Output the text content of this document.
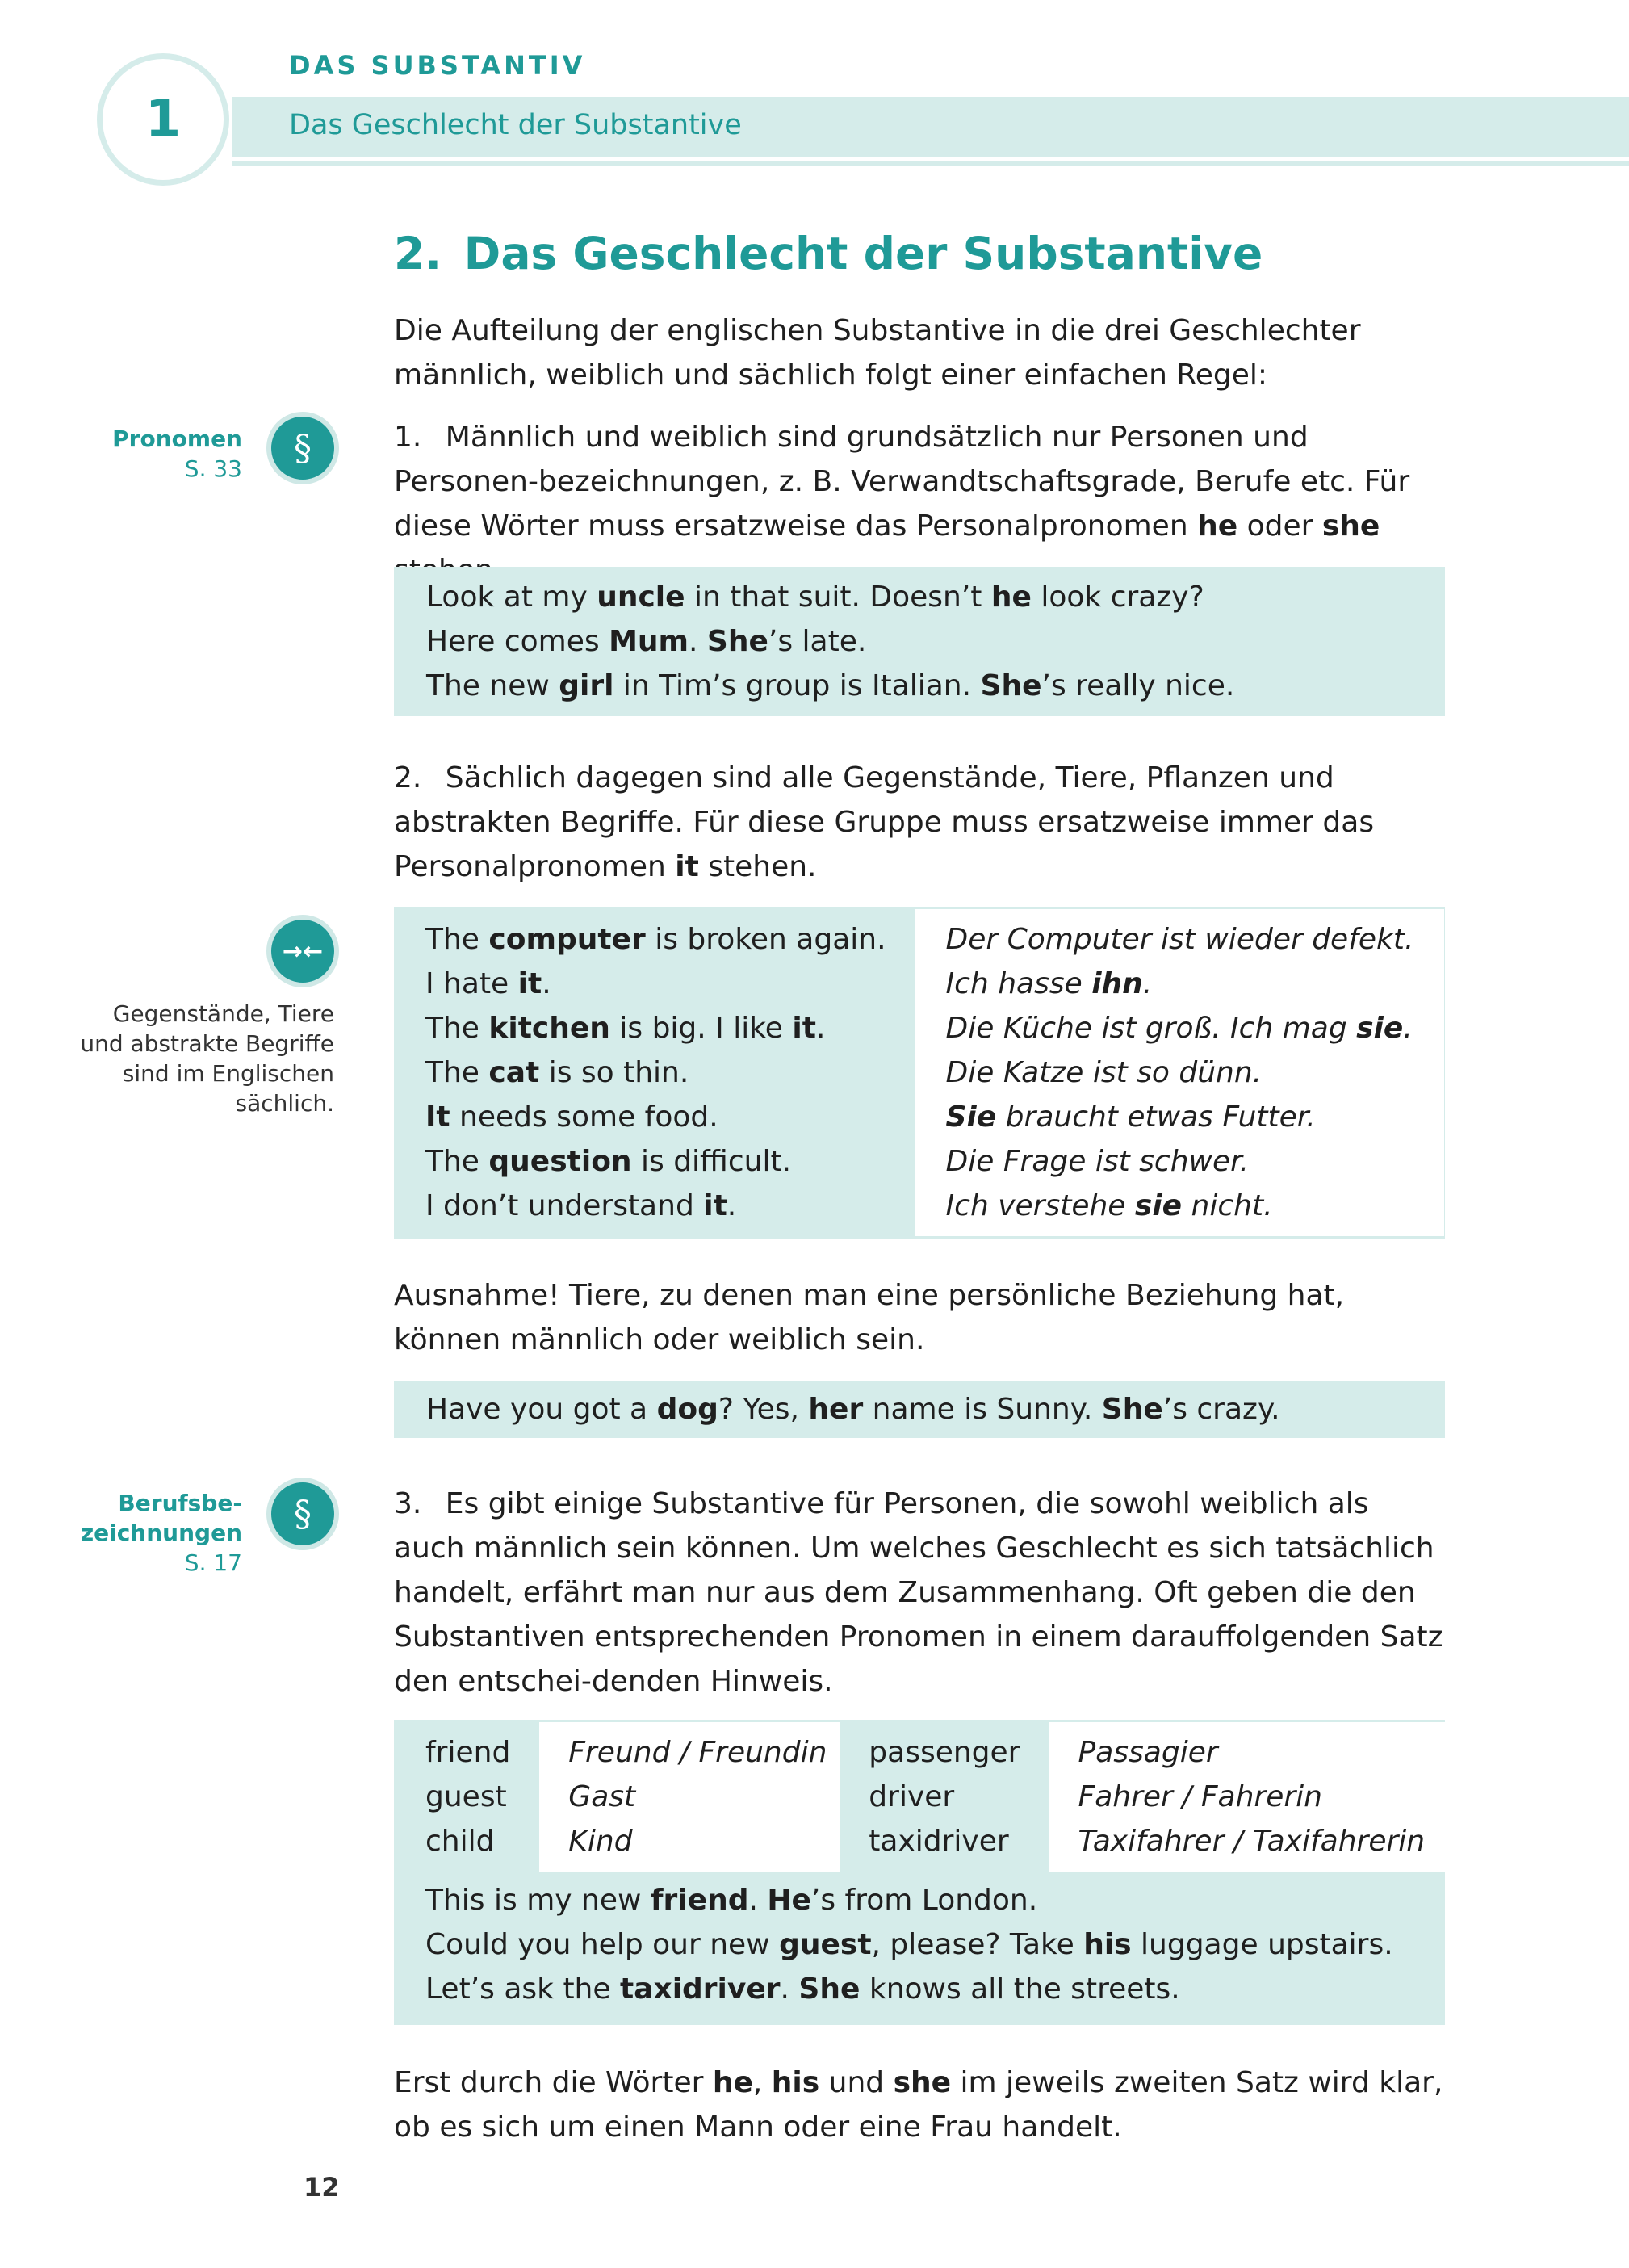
1
DAS SUBSTANTIV
Das Geschlecht der Substantive
2. Das Geschlecht der Substantive

Die Aufteilung der englischen Substantive in die drei Geschlechter männlich, weiblich und sächlich folgt einer einfachen Regel:

Pronomen
S. 33 §	1.  Männlich und weiblich sind grundsätzlich nur Personen und Personen-bezeichnungen, z. B. Verwandtschaftsgrade, Berufe etc. Für diese Wörter muss ersatzweise das Personalpronomen he oder she

Look at my uncle in that suit. Doesn’t he look crazy?
Here comes Mum. She’s late.
The new girl in Tim’s group is Italian. She’s really nice.

2.  Sächlich dagegen sind alle Gegenstände, Tiere, Pflanzen und abstrakten Begriffe. Für diese Gruppe muss ersatzweise immer das Personalpronomen it stehen.

→←
Gegenstände, Tiere und abstrakte Begriffe sind im Englischen sächlich.
The computer is broken again.
I hate it.
The kitchen is big. I like it.
The cat is so thin.
It needs some food.
The question is difficult.
I don’t understand it.
Der Computer ist wieder defekt.
Ich hasse ihn.
Die Küche ist groß. Ich mag sie.
Die Katze ist so dünn.
Sie braucht etwas Futter.
Die Frage ist schwer.
Ich verstehe sie nicht.

Ausnahme! Tiere, zu denen man eine persönliche Beziehung hat, können männlich oder weiblich sein.

Have you got a dog? Yes, her name is Sunny. She’s crazy.
Berufsbe-
zeichnungen
S. 17
§	3.  Es gibt einige Substantive für Personen, die sowohl weiblich als auch männlich sein können. Um welches Geschlecht es sich tatsächlich handelt, erfährt man nur aus dem Zusammenhang. Oft geben die den Substantiven entsprechenden Pronomen in einem darauffolgenden Satz den entschei-denden Hinweis.

friend
guest
child
Freund / Freundin
Gast
Kind
passenger
driver
taxidriver
Passagier
Fahrer / Fahrerin
Taxifahrer / Taxifahrerin
This is my new friend. He’s from London.
Could you help our new guest, please? Take his luggage upstairs.
Let’s ask the taxidriver. She knows all the streets.

Erst durch die Wörter he, his und she im jeweils zweiten Satz wird klar, ob es sich um einen Mann oder eine Frau handelt.

12
